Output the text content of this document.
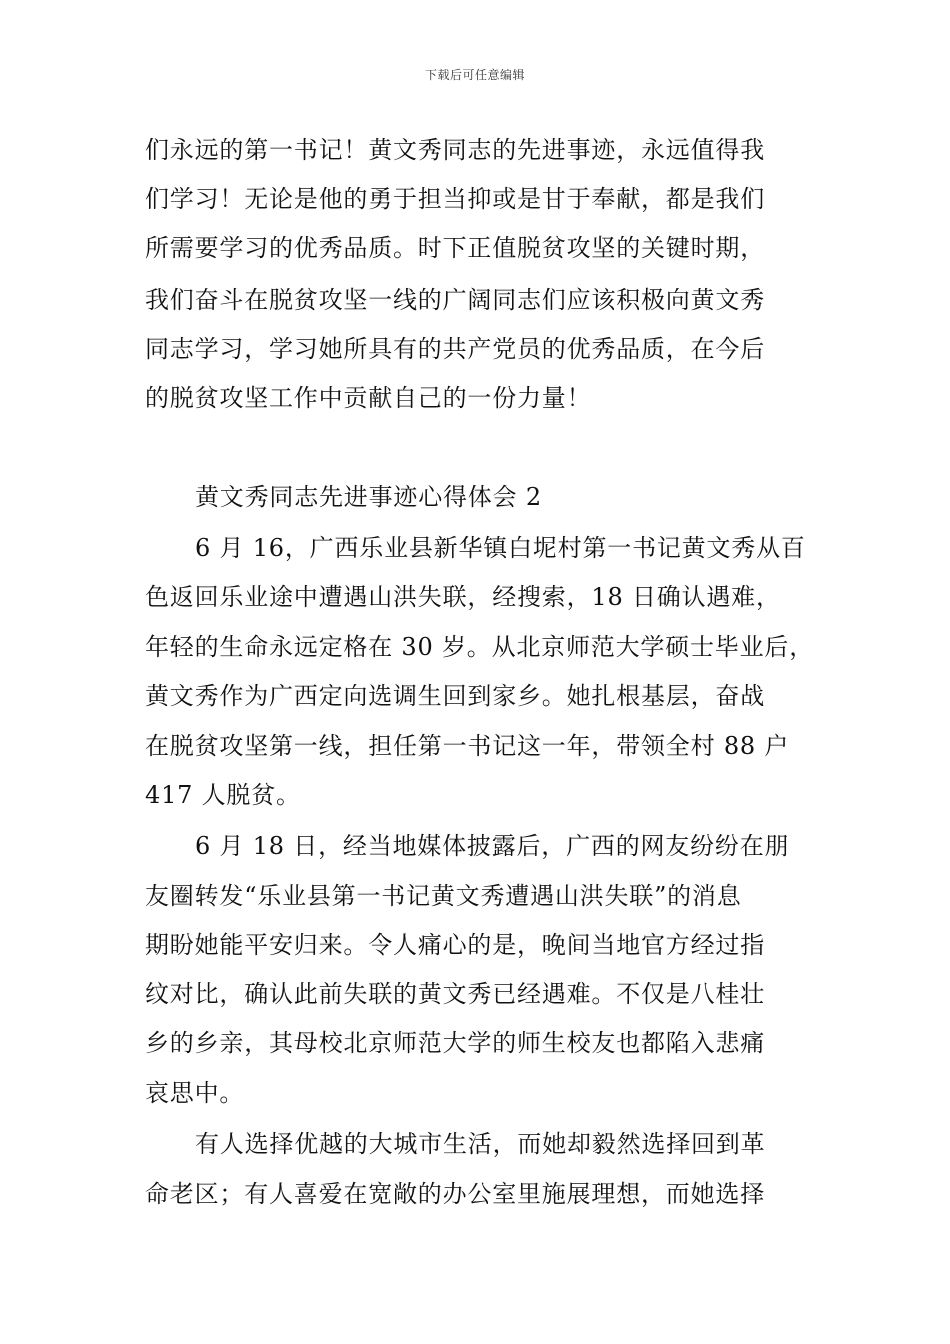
下载后可任意编辑
们永远的第一书记！黄文秀同志的先进事迹，永远值得我
们学习！无论是他的勇于担当抑或是甘于奉献，都是我们
所需要学习的优秀品质。时下正值脱贫攻坚的关键时期，
我们奋斗在脱贫攻坚一线的广阔同志们应该积极向黄文秀
同志学习，学习她所具有的共产党员的优秀品质，在今后
的脱贫攻坚工作中贡献自己的一份力量！
黄文秀同志先进事迹心得体会 2
6 月 16，广西乐业县新华镇白坭村第一书记黄文秀从百
色返回乐业途中遭遇山洪失联，经搜索，18 日确认遇难，
年轻的生命永远定格在 30 岁。从北京师范大学硕士毕业后，
黄文秀作为广西定向选调生回到家乡。她扎根基层，奋战
在脱贫攻坚第一线，担任第一书记这一年，带领全村 88 户
417 人脱贫。
6 月 18 日，经当地媒体披露后，广西的网友纷纷在朋
友圈转发“乐业县第一书记黄文秀遭遇山洪失联”的消息
期盼她能平安归来。令人痛心的是，晚间当地官方经过指
纹对比，确认此前失联的黄文秀已经遇难。不仅是八桂壮
乡的乡亲，其母校北京师范大学的师生校友也都陷入悲痛
哀思中。
有人选择优越的大城市生活，而她却毅然选择回到革
命老区；有人喜爱在宽敞的办公室里施展理想，而她选择
